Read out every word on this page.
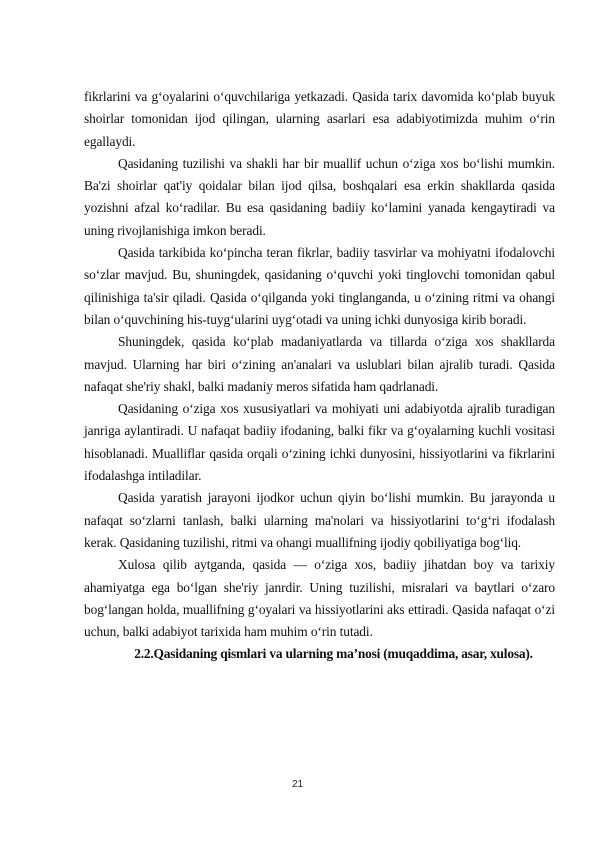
fikrlarini va g‘oyalarini o‘quvchilariga yetkazadi. Qasida tarix davomida ko‘plab buyuk shoirlar tomonidan ijod qilingan, ularning asarlari esa adabiyotimizda muhim o‘rin egallaydi.

Qasidaning tuzilishi va shakli har bir muallif uchun o‘ziga xos bo‘lishi mumkin. Ba'zi shoirlar qat'iy qoidalar bilan ijod qilsa, boshqalari esa erkin shakllarda qasida yozishni afzal ko‘radilar. Bu esa qasidaning badiiy ko‘lamini yanada kengaytiradi va uning rivojlanishiga imkon beradi.

Qasida tarkibida ko‘pincha teran fikrlar, badiiy tasvirlar va mohiyatni ifodalovchi so‘zlar mavjud. Bu, shuningdek, qasidaning o‘quvchi yoki tinglovchi tomonidan qabul qilinishiga ta'sir qiladi. Qasida o‘qilganda yoki tinglanganda, u o‘zining ritmi va ohangi bilan o‘quvchining his-tuyg‘ularini uyg‘otadi va uning ichki dunyosiga kirib boradi.

Shuningdek, qasida ko‘plab madaniyatlarda va tillarda o‘ziga xos shakllarda mavjud. Ularning har biri o‘zining an'analari va uslublari bilan ajralib turadi. Qasida nafaqat she'riy shakl, balki madaniy meros sifatida ham qadrlanadi.

Qasidaning o‘ziga xos xususiyatlari va mohiyati uni adabiyotda ajralib turadigan janriga aylantiradi. U nafaqat badiiy ifodaning, balki fikr va g‘oyalarning kuchli vositasi hisoblanadi. Mualliflar qasida orqali o‘zining ichki dunyosini, hissiyotlarini va fikrlarini ifodalashga intiladilar.

Qasida yaratish jarayoni ijodkor uchun qiyin bo‘lishi mumkin. Bu jarayonda u nafaqat so‘zlarni tanlash, balki ularning ma'nolari va hissiyotlarini to‘g‘ri ifodalash kerak. Qasidaning tuzilishi, ritmi va ohangi muallifning ijodiy qobiliyatiga bog‘liq.

Xulosa qilib aytganda, qasida — o‘ziga xos, badiiy jihatdan boy va tarixiy ahamiyatga ega bo‘lgan she'riy janrdir. Uning tuzilishi, misralari va baytlari o‘zaro bog‘langan holda, muallifning g‘oyalari va hissiyotlarini aks ettiradi. Qasida nafaqat o‘zi uchun, balki adabiyot tarixida ham muhim o‘rin tutadi.

2.2.Qasidaning qismlari va ularning ma’nosi (muqaddima, asar, xulosa).

21
